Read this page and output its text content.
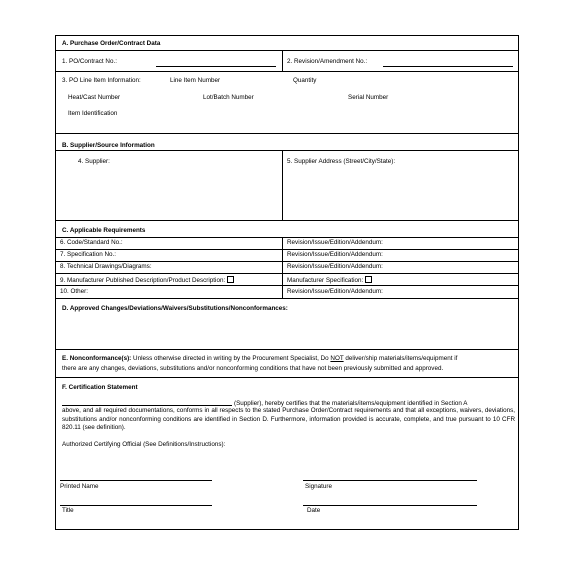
A. Purchase Order/Contract Data
1. PO/Contract No.:	2. Revision/Amendment No.:
3. PO Line Item Information:	Line Item Number	Quantity
Heat/Cast Number	Lot/Batch Number	Serial Number
Item Identification
B. Supplier/Source Information
4. Supplier:	5. Supplier Address (Street/City/State):
C. Applicable Requirements
6. Code/Standard No.:	Revision/Issue/Edition/Addendum:
7. Specification No.:	Revision/Issue/Edition/Addendum:
8. Technical Drawings/Diagrams:	Revision/Issue/Edition/Addendum:
9. Manufacturer Published Description/Product Description:	Manufacturer Specification:
10. Other:	Revision/Issue/Edition/Addendum:
D. Approved Changes/Deviations/Waivers/Substitutions/Nonconformances:
E. Nonconformance(s): Unless otherwise directed in writing by the Procurement Specialist, Do NOT deliver/ship materials/items/equipment if
there are any changes, deviations, substitutions and/or nonconforming conditions that have not been previously submitted and approved.
F. Certification Statement
(Supplier), hereby certifies that the materials/items/equipment identified in Section A
above, and all required documentations, conforms in all respects to the stated Purchase Order/Contract requirements and that all exceptions, waivers, deviations, substitutions and/or nonconforming conditions are identified in Section D. Furthermore, information provided is accurate, complete, and true pursuant to 10 CFR 820.11 (see definition).
Authorized Certifying Official (See Definitions/Instructions):
Printed Name	Signature
Title	Date
